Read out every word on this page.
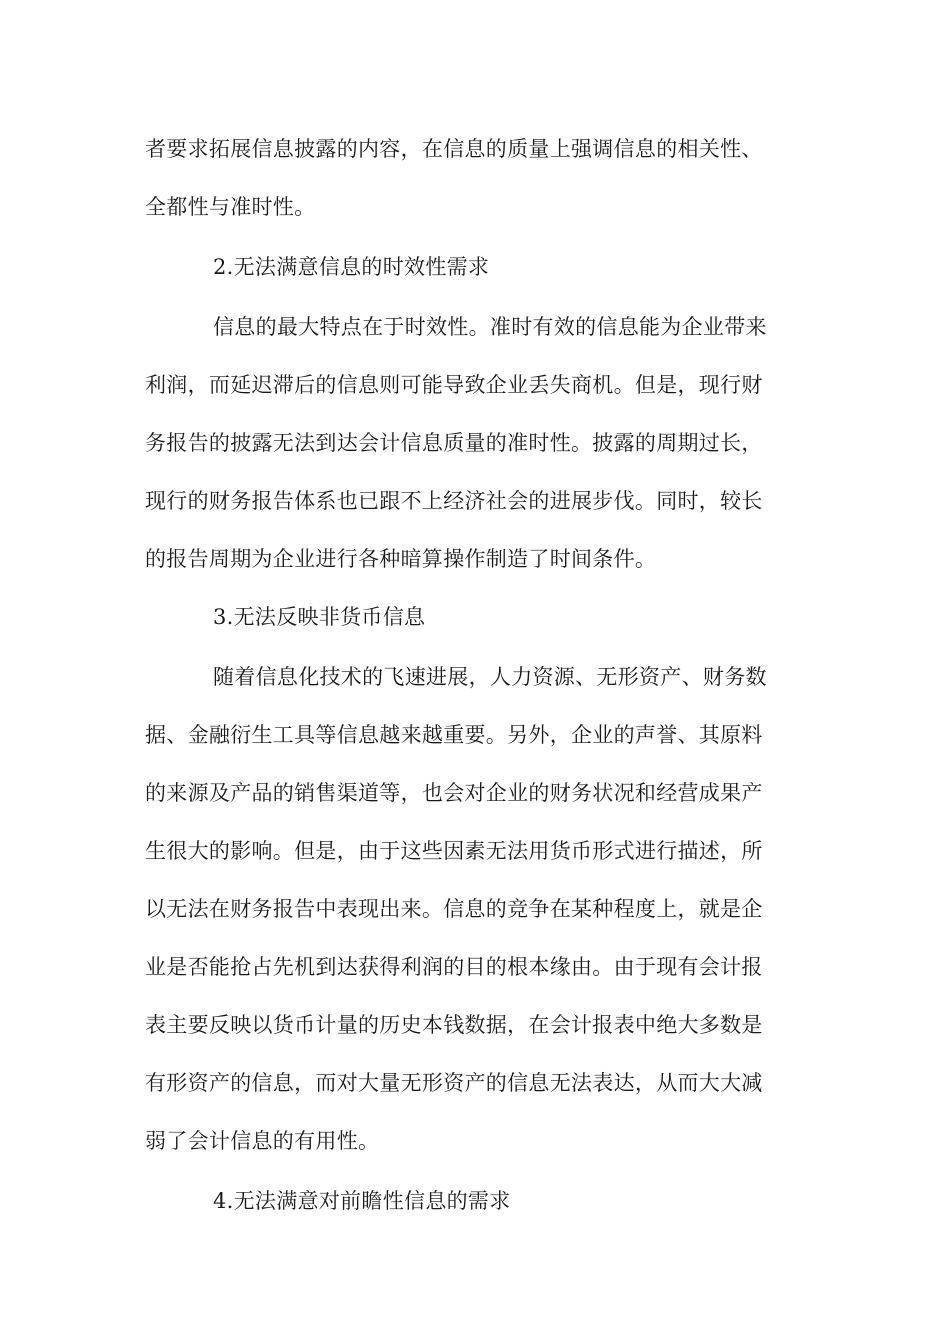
者要求拓展信息披露的内容，在信息的质量上强调信息的相关性、
全都性与准时性。
2.无法满意信息的时效性需求
信息的最大特点在于时效性。准时有效的信息能为企业带来
利润，而延迟滞后的信息则可能导致企业丢失商机。但是，现行财
务报告的披露无法到达会计信息质量的准时性。披露的周期过长，
现行的财务报告体系也已跟不上经济社会的进展步伐。同时，较长
的报告周期为企业进行各种暗算操作制造了时间条件。
3.无法反映非货币信息
随着信息化技术的飞速进展，人力资源、无形资产、财务数
据、金融衍生工具等信息越来越重要。另外，企业的声誉、其原料
的来源及产品的销售渠道等，也会对企业的财务状况和经营成果产
生很大的影响。但是，由于这些因素无法用货币形式进行描述，所
以无法在财务报告中表现出来。信息的竞争在某种程度上，就是企
业是否能抢占先机到达获得利润的目的根本缘由。由于现有会计报
表主要反映以货币计量的历史本钱数据，在会计报表中绝大多数是
有形资产的信息，而对大量无形资产的信息无法表达，从而大大减
弱了会计信息的有用性。
4.无法满意对前瞻性信息的需求
